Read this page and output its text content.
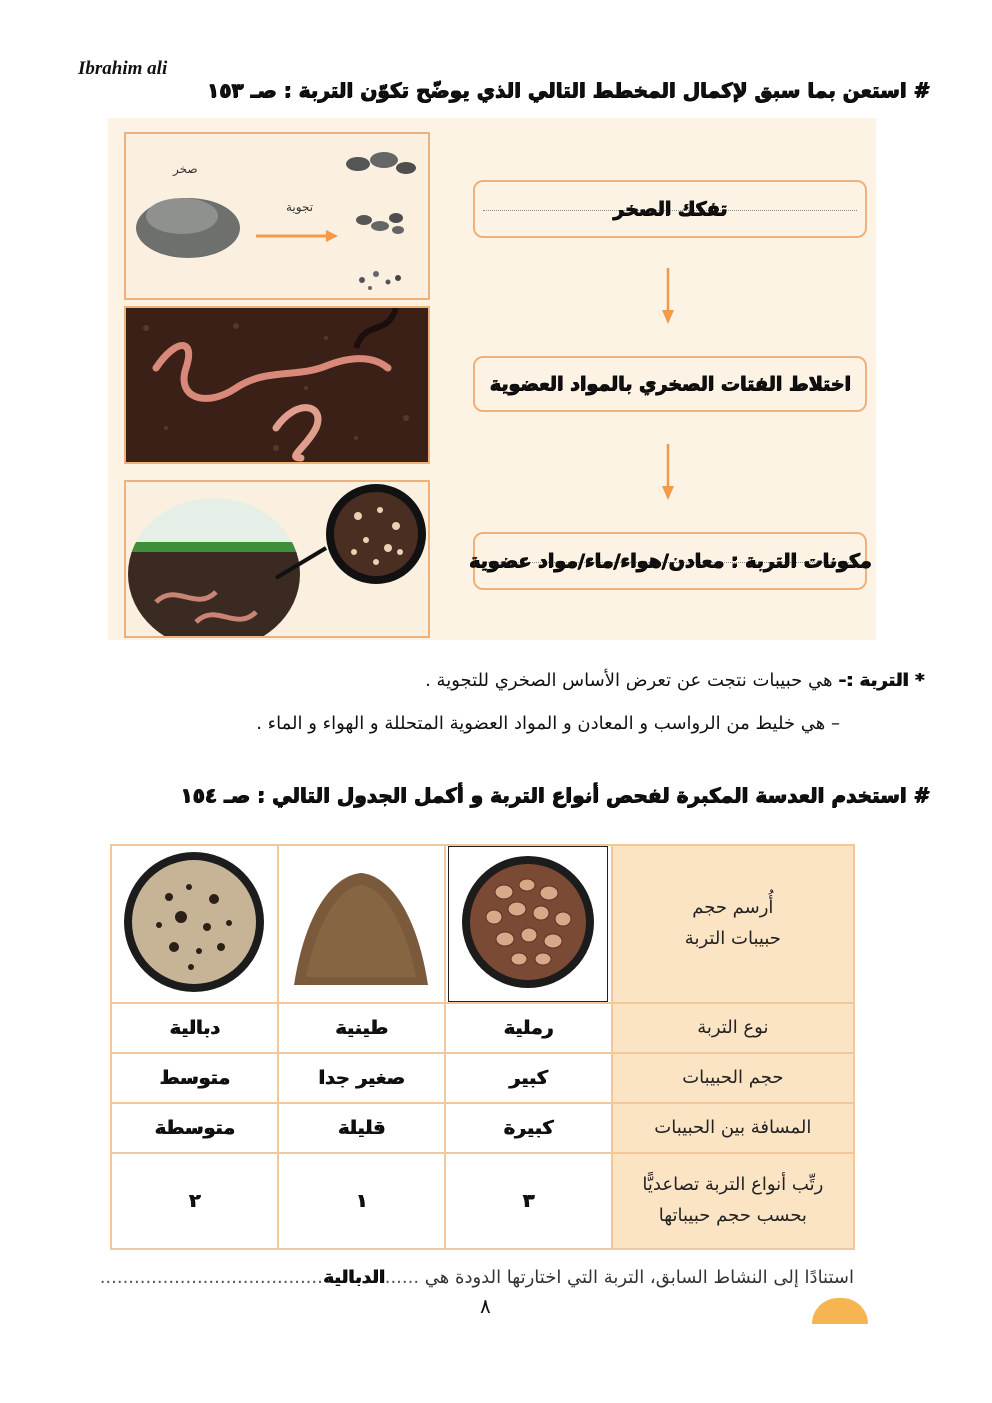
Ibrahim ali
# استعن بما سبق لإكمال المخطط التالي الذي يوضّح تكوّن التربة : صـ ١٥٣
صخر
تجوية	تفكك الصخر
اختلاط الفتات الصخري بالمواد العضوية
مكونات التربة : معادن/هواء/ماء/مواد عضوية
* التربة :- هي حبيبات نتجت عن تعرض الأساس الصخري للتجوية .
– هي خليط من الرواسب و المعادن و المواد العضوية المتحللة و الهواء و الماء .
# استخدم العدسة المكبرة لفحص أنواع التربة و أكمل الجدول التالي : صـ ١٥٤
أُرسم حجم
حبيبات التربة

نوع التربة	رملية	طينية	دبالية
حجم الحبيبات	كبير	صغير جدا	متوسط
المسافة بين الحبيبات	كبيرة	قليلة	متوسطة

رتِّب أنواع التربة تصاعديًّا
بحسب حجم حبيباتها	٣	١	٢
استنادًا إلى النشاط السابق، التربة التي اختارتها الدودة هي ......الدبالية.......................................
٨
